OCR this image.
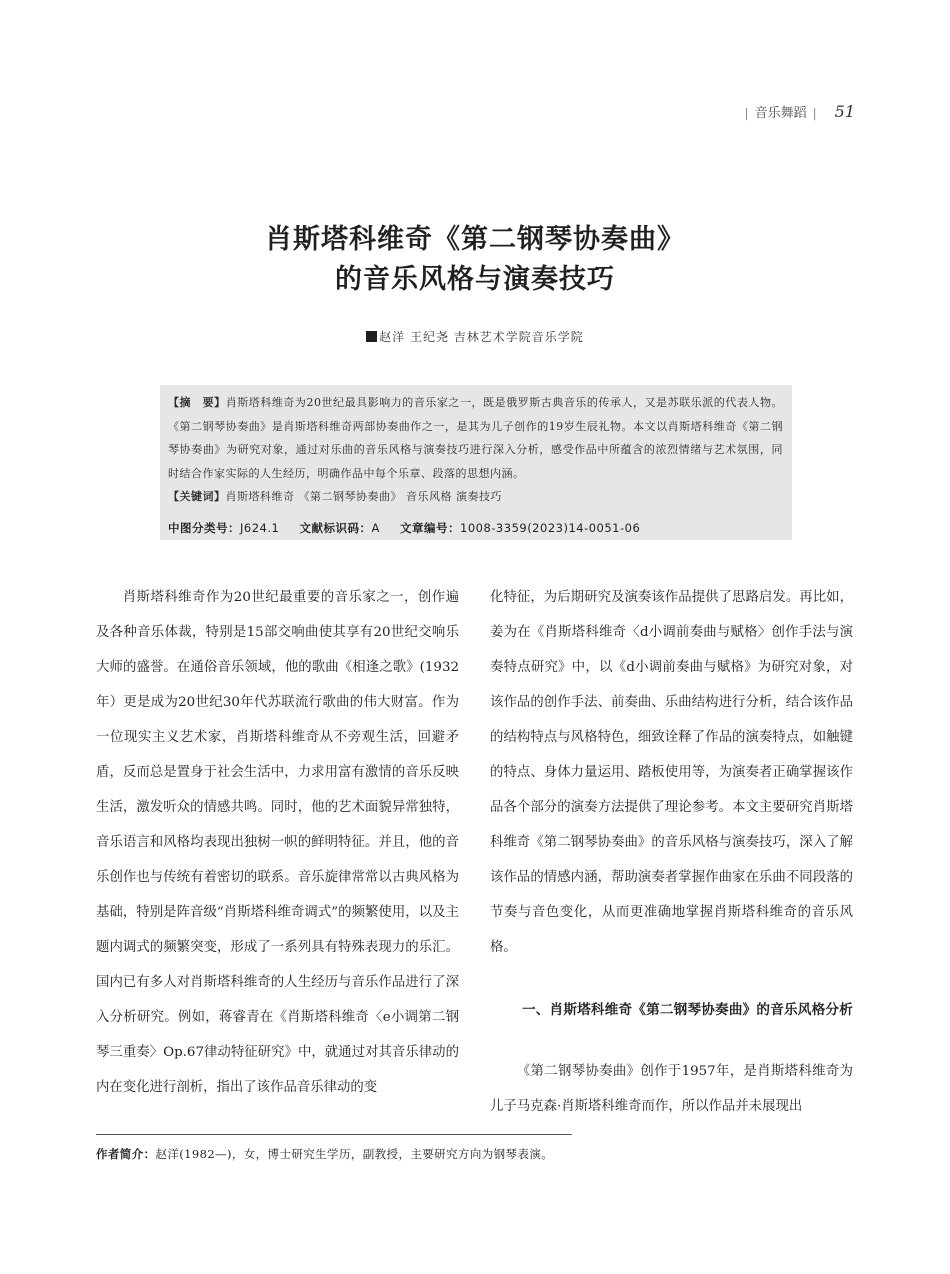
| 音乐舞蹈 | 51
肖斯塔科维奇《第二钢琴协奏曲》
的音乐风格与演奏技巧
赵洋 王纪尧 吉林艺术学院音乐学院
【摘　要】肖斯塔科维奇为20世纪最具影响力的音乐家之一，既是俄罗斯古典音乐的传承人，又是苏联乐派的代表人物。《第二钢琴协奏曲》是肖斯塔科维奇两部协奏曲作之一，是其为儿子创作的19岁生辰礼物。本文以肖斯塔科维奇《第二钢琴协奏曲》为研究对象，通过对乐曲的音乐风格与演奏技巧进行深入分析，感受作品中所蕴含的浓烈情绪与艺术氛围，同时结合作家实际的人生经历，明确作品中每个乐章、段落的思想内涵。
【关键词】肖斯塔科维奇 《第二钢琴协奏曲》 音乐风格 演奏技巧
中图分类号：J624.1 文献标识码：A 文章编号：1008-3359(2023)14-0051-06

肖斯塔科维奇作为20世纪最重要的音乐家之一，创作遍及各种音乐体裁，特别是15部交响曲使其享有20世纪交响乐大师的盛誉。在通俗音乐领域，他的歌曲《相逢之歌》(1932年）更是成为20世纪30年代苏联流行歌曲的伟大财富。作为一位现实主义艺术家，肖斯塔科维奇从不旁观生活，回避矛盾，反而总是置身于社会生活中，力求用富有激情的音乐反映生活，激发听众的情感共鸣。同时，他的艺术面貌异常独特，音乐语言和风格均表现出独树一帜的鲜明特征。并且，他的音乐创作也与传统有着密切的联系。音乐旋律常常以古典风格为基础，特别是阵音级“肖斯塔科维奇调式”的频繁使用，以及主题内调式的频繁突变，形成了一系列具有特殊表现力的乐汇。国内已有多人对肖斯塔科维奇的人生经历与音乐作品进行了深入分析研究。例如，蒋睿青在《肖斯塔科维奇〈e小调第二钢琴三重奏〉Op.67律动特征研究》中，就通过对其音乐律动的内在变化进行剖析，指出了该作品音乐律动的变

化特征，为后期研究及演奏该作品提供了思路启发。再比如，姜为在《肖斯塔科维奇〈d小调前奏曲与赋格〉创作手法与演奏特点研究》中，以《d小调前奏曲与赋格》为研究对象，对该作品的创作手法、前奏曲、乐曲结构进行分析，结合该作品的结构特点与风格特色，细致诠释了作品的演奏特点，如触键的特点、身体力量运用、踏板使用等，为演奏者正确掌握该作品各个部分的演奏方法提供了理论参考。本文主要研究肖斯塔科维奇《第二钢琴协奏曲》的音乐风格与演奏技巧，深入了解该作品的情感内涵，帮助演奏者掌握作曲家在乐曲不同段落的节奏与音色变化，从而更准确地掌握肖斯塔科维奇的音乐风格。

一、肖斯塔科维奇《第二钢琴协奏曲》的音乐风格分析

《第二钢琴协奏曲》创作于1957年，是肖斯塔科维奇为儿子马克森·肖斯塔科维奇而作，所以作品并未展现出

作者简介：赵洋(1982—)，女，博士研究生学历，副教授，主要研究方向为钢琴表演。
